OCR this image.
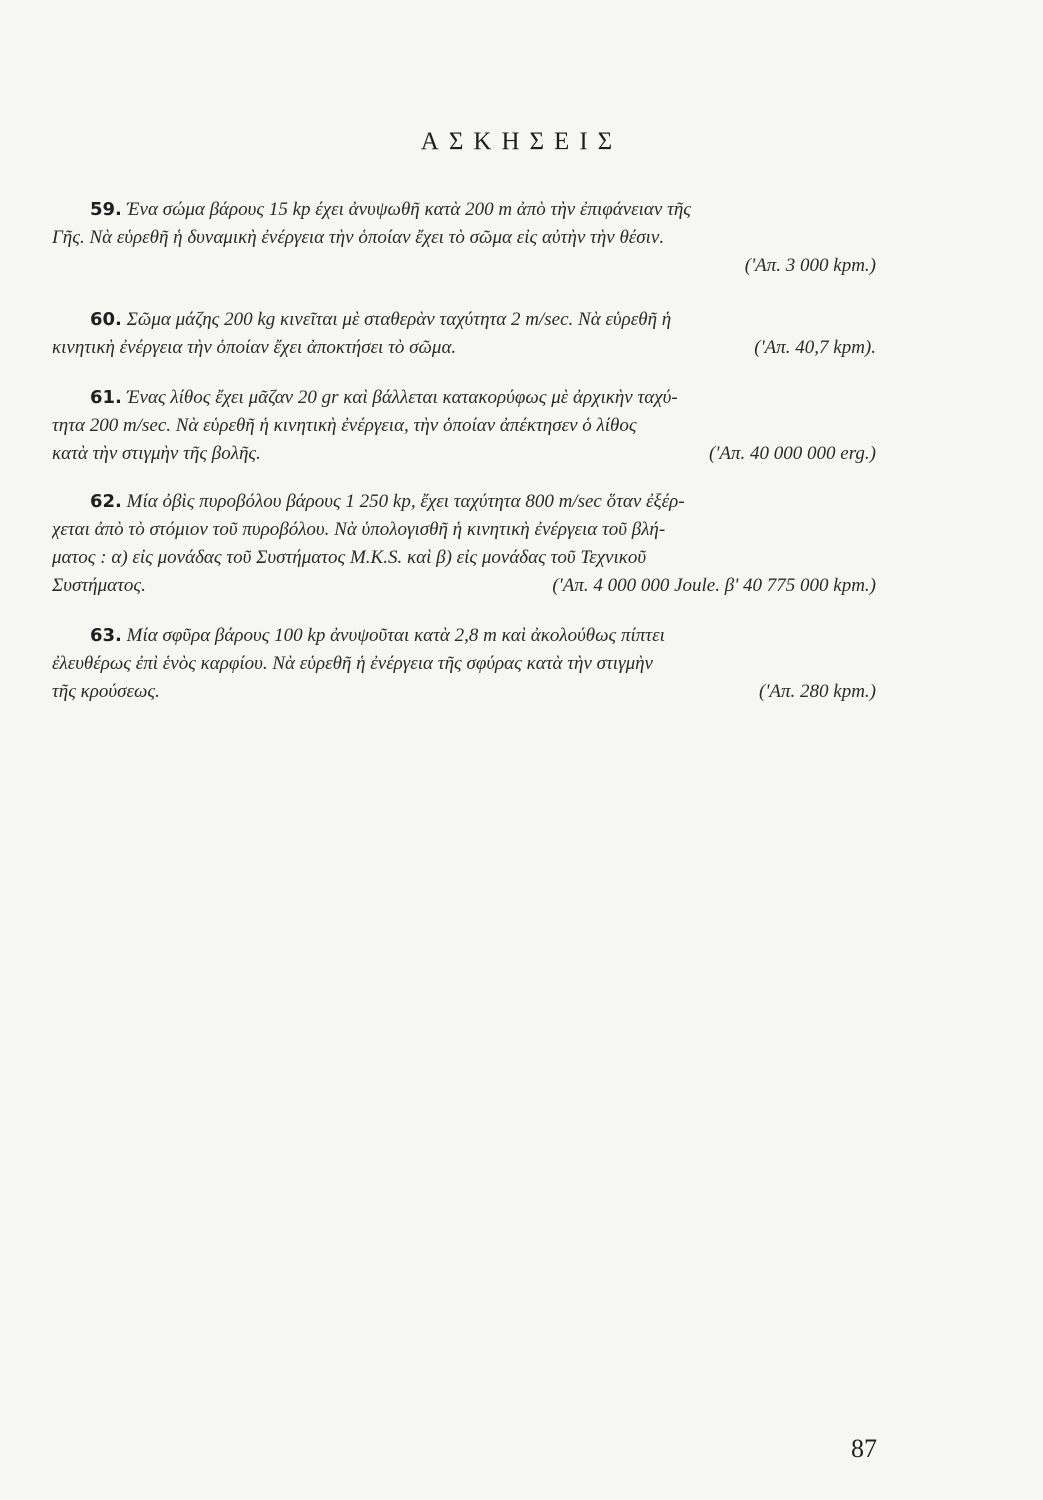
ΑΣΚΗΣΕΙΣ
59. Ένα σώμα βάρους 15 kp έχει ἀνυψωθῆ κατὰ 200 m ἀπὸ τὴν ἐπιφάνειαν τῆς
Γῆς. Νὰ εὑρεθῆ ἡ δυναμικὴ ἐνέργεια τὴν ὁποίαν ἔχει τὸ σῶμα εἰς αὐτὴν τὴν θέσιν.
('Απ. 3 000 kpm.)
60. Σῶμα μάζης 200 kg κινεῖται μὲ σταθερὰν ταχύτητα 2 m/sec. Νὰ εὑρεθῆ ἡ
κινητικὴ ἐνέργεια τὴν ὁποίαν ἔχει ἀποκτήσει τὸ σῶμα.	('Απ. 40,7 kpm).
61. Ένας λίθος ἔχει μᾶζαν 20 gr καὶ βάλλεται κατακορύφως μὲ ἀρχικὴν ταχύ-
τητα 200 m/sec. Νὰ εὑρεθῆ ἡ κινητικὴ ἐνέργεια, τὴν ὁποίαν ἀπέκτησεν ὁ λίθος
κατὰ τὴν στιγμὴν τῆς βολῆς.	('Απ. 40 000 000 erg.)
62. Μία ὀβὶς πυροβόλου βάρους 1 250 kp, ἔχει ταχύτητα 800 m/sec ὅταν ἐξέρ-
χεται ἀπὸ τὸ στόμιον τοῦ πυροβόλου. Νὰ ὑπολογισθῆ ἡ κινητικὴ ἐνέργεια τοῦ βλή-
ματος : α) εἰς μονάδας τοῦ Συστήματος M.K.S. καὶ β) εἰς μονάδας τοῦ Τεχνικοῦ
Συστήματος.	('Απ. 4 000 000 Joule. β' 40 775 000 kpm.)
63. Μία σφῦρα βάρους 100 kp ἀνυψοῦται κατὰ 2,8 m καὶ ἀκολούθως πίπτει
ἐλευθέρως ἐπὶ ἑνὸς καρφίου. Νὰ εὑρεθῆ ἡ ἐνέργεια τῆς σφύρας κατὰ τὴν στιγμὴν
τῆς κρούσεως.	('Απ. 280 kpm.)
87
